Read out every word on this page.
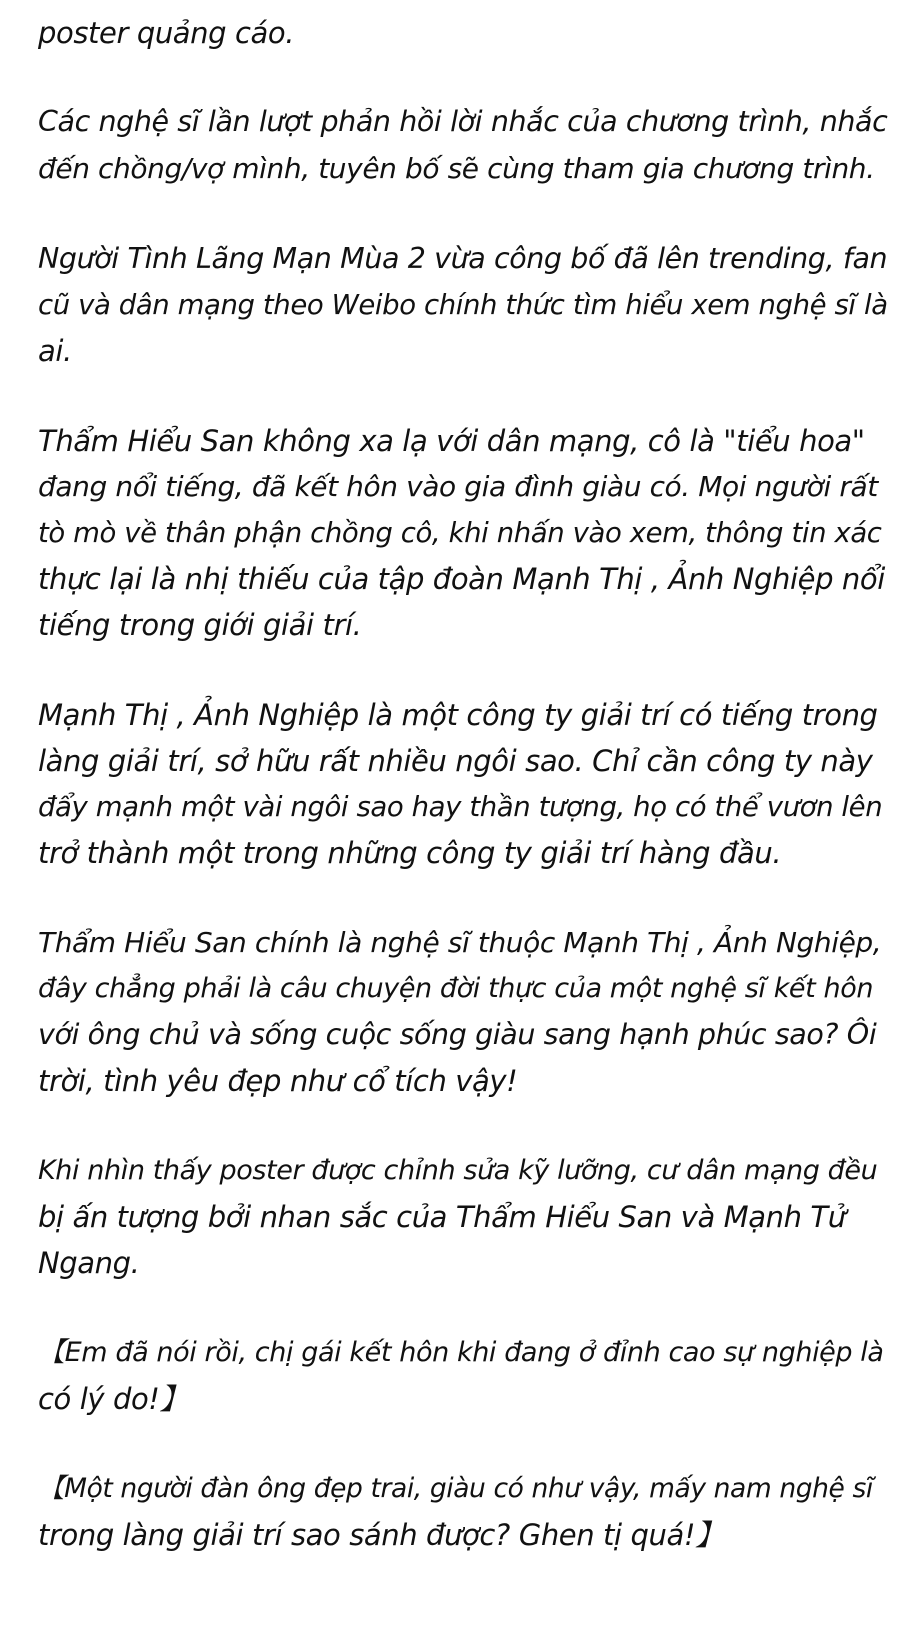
poster quảng cáo.
Các nghệ sĩ lần lượt phản hồi lời nhắc của chương trình, nhắc
đến chồng/vợ mình, tuyên bố sẽ cùng tham gia chương trình.
Người Tình Lãng Mạn Mùa 2 vừa công bố đã lên trending, fan
cũ và dân mạng theo Weibo chính thức tìm hiểu xem nghệ sĩ là
ai.
Thẩm Hiểu San không xa lạ với dân mạng, cô là "tiểu hoa"
đang nổi tiếng, đã kết hôn vào gia đình giàu có. Mọi người rất
tò mò về thân phận chồng cô, khi nhấn vào xem, thông tin xác
thực lại là nhị thiếu của tập đoàn Mạnh Thị , Ảnh Nghiệp nổi
tiếng trong giới giải trí.
Mạnh Thị , Ảnh Nghiệp là một công ty giải trí có tiếng trong
làng giải trí, sở hữu rất nhiều ngôi sao. Chỉ cần công ty này
đẩy mạnh một vài ngôi sao hay thần tượng, họ có thể vươn lên
trở thành một trong những công ty giải trí hàng đầu.
Thẩm Hiểu San chính là nghệ sĩ thuộc Mạnh Thị , Ảnh Nghiệp,
đây chẳng phải là câu chuyện đời thực của một nghệ sĩ kết hôn
với ông chủ và sống cuộc sống giàu sang hạnh phúc sao? Ôi
trời, tình yêu đẹp như cổ tích vậy!
Khi nhìn thấy poster được chỉnh sửa kỹ lưỡng, cư dân mạng đều
bị ấn tượng bởi nhan sắc của Thẩm Hiểu San và Mạnh Tử
Ngang.
【Em đã nói rồi, chị gái kết hôn khi đang ở đỉnh cao sự nghiệp là
có lý do!】
【Một người đàn ông đẹp trai, giàu có như vậy, mấy nam nghệ sĩ
trong làng giải trí sao sánh được? Ghen tị quá!】
